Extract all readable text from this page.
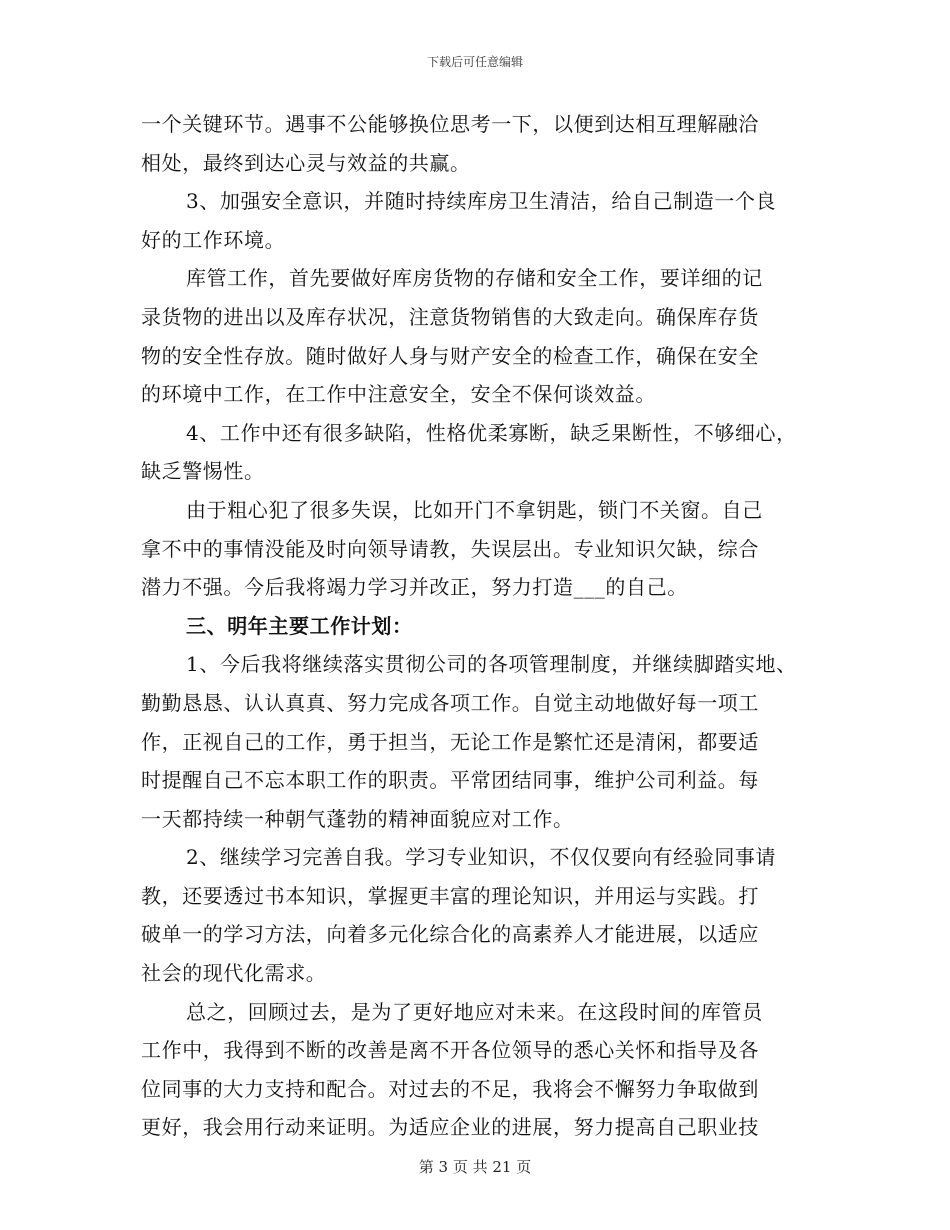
下载后可任意编辑
一个关键环节。遇事不公能够换位思考一下，以便到达相互理解融洽
相处，最终到达心灵与效益的共赢。
3、加强安全意识，并随时持续库房卫生清洁，给自己制造一个良
好的工作环境。
库管工作，首先要做好库房货物的存储和安全工作，要详细的记
录货物的进出以及库存状况，注意货物销售的大致走向。确保库存货
物的安全性存放。随时做好人身与财产安全的检查工作，确保在安全
的环境中工作，在工作中注意安全，安全不保何谈效益。
4、工作中还有很多缺陷，性格优柔寡断，缺乏果断性，不够细心，
缺乏警惕性。
由于粗心犯了很多失误，比如开门不拿钥匙，锁门不关窗。自己
拿不中的事情没能及时向领导请教，失误层出。专业知识欠缺，综合
潜力不强。今后我将竭力学习并改正，努力打造___的自己。
三、明年主要工作计划：
1、今后我将继续落实贯彻公司的各项管理制度，并继续脚踏实地、
勤勤恳恳、认认真真、努力完成各项工作。自觉主动地做好每一项工
作，正视自己的工作，勇于担当，无论工作是繁忙还是清闲，都要适
时提醒自己不忘本职工作的职责。平常团结同事，维护公司利益。每
一天都持续一种朝气蓬勃的精神面貌应对工作。
2、继续学习完善自我。学习专业知识，不仅仅要向有经验同事请
教，还要透过书本知识，掌握更丰富的理论知识，并用运与实践。打
破单一的学习方法，向着多元化综合化的高素养人才能进展，以适应
社会的现代化需求。
总之，回顾过去，是为了更好地应对未来。在这段时间的库管员
工作中，我得到不断的改善是离不开各位领导的悉心关怀和指导及各
位同事的大力支持和配合。对过去的不足，我将会不懈努力争取做到
更好，我会用行动来证明。为适应企业的进展，努力提高自己职业技
第 3 页 共 21 页
